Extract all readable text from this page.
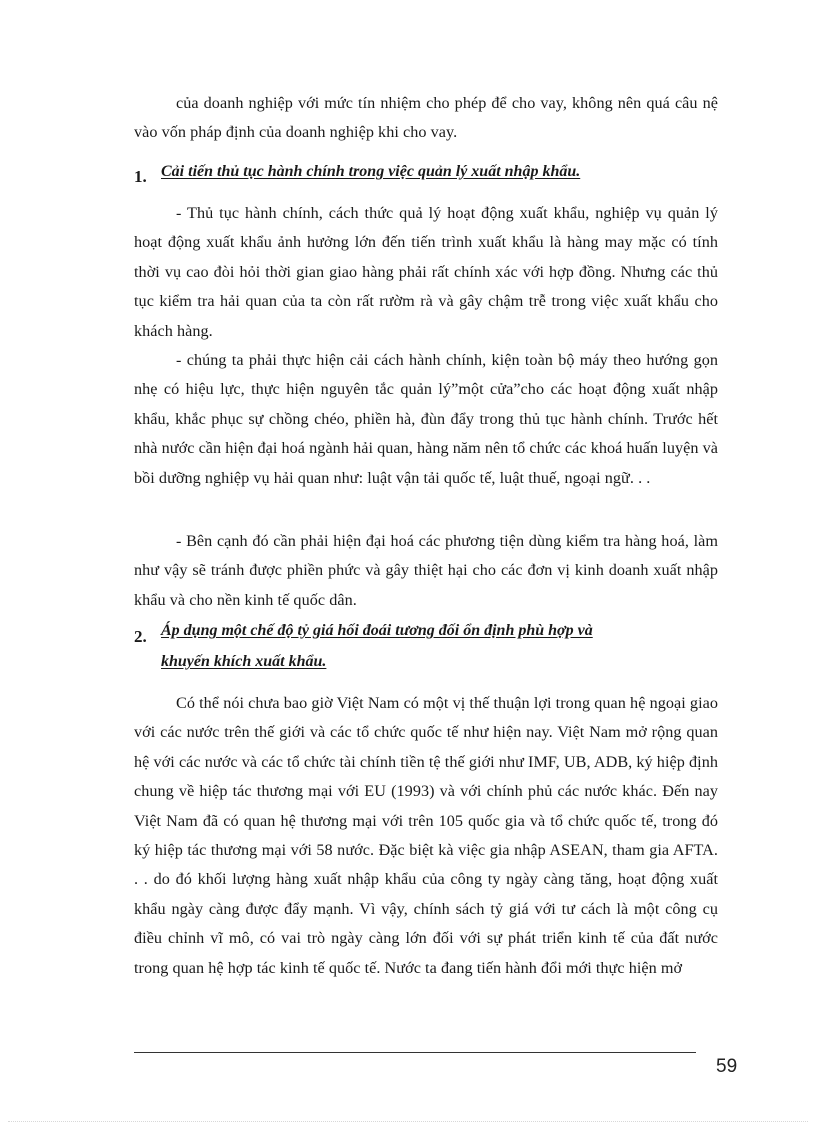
của doanh nghiệp với mức tín nhiệm cho phép để cho vay, không nên quá câu nệ vào vốn pháp định của doanh nghiệp khi cho vay.

1. Cải tiến thủ tục hành chính trong việc quản lý xuất nhập khẩu.

- Thủ tục hành chính, cách thức quả lý hoạt động xuất khẩu, nghiệp vụ quản lý hoạt động xuất khẩu ảnh hưởng lớn đến tiến trình xuất khẩu là hàng may mặc có tính thời vụ cao đòi hỏi thời gian giao hàng phải rất chính xác với hợp đồng. Nhưng các thủ tục kiểm tra hải quan của ta còn rất rườm rà và gây chậm trễ trong việc xuất khẩu cho khách hàng.

- chúng ta phải thực hiện cải cách hành chính, kiện toàn bộ máy theo hướng gọn nhẹ có hiệu lực, thực hiện nguyên tắc quản lý”một cửa”cho các hoạt động xuất nhập khẩu, khắc phục sự chồng chéo, phiền hà, đùn đẩy trong thủ tục hành chính. Trước hết nhà nước cần hiện đại hoá ngành hải quan, hàng năm nên tổ chức các khoá huấn luyện và bồi dưỡng nghiệp vụ hải quan như: luật vận tải quốc tế, luật thuế, ngoại ngữ. . .

- Bên cạnh đó cần phải hiện đại hoá các phương tiện dùng kiểm tra hàng hoá, làm như vậy sẽ tránh được phiền phức và gây thiệt hại cho các đơn vị kinh doanh xuất nhập khẩu và cho nền kinh tế quốc dân.

2. Áp dụng một chế độ tỷ giá hối đoái tương đối ổn định phù hợp và
khuyến khích xuất khẩu.

Có thể nói chưa bao giờ Việt Nam có một vị thế thuận lợi trong quan hệ ngoại giao với các nước trên thế giới và các tổ chức quốc tế như hiện nay. Việt Nam mở rộng quan hệ với các nước và các tổ chức tài chính tiền tệ thế giới như IMF, UB, ADB, ký hiệp định chung về hiệp tác thương mại với EU (1993) và với chính phủ các nước khác. Đến nay Việt Nam đã có quan hệ thương mại với trên 105 quốc gia và tổ chức quốc tế, trong đó ký hiệp tác thương mại với 58 nước. Đặc biệt kà việc gia nhập ASEAN, tham gia AFTA. . . do đó khối lượng hàng xuất nhập khẩu của công ty ngày càng tăng, hoạt động xuất khẩu ngày càng được đẩy mạnh. Vì vậy, chính sách tỷ giá với tư cách là một công cụ điều chỉnh vĩ mô, có vai trò ngày càng lớn đối với sự phát triển kinh tế của đất nước trong quan hệ hợp tác kinh tế quốc tế. Nước ta đang tiến hành đổi mới thực hiện mở

59
